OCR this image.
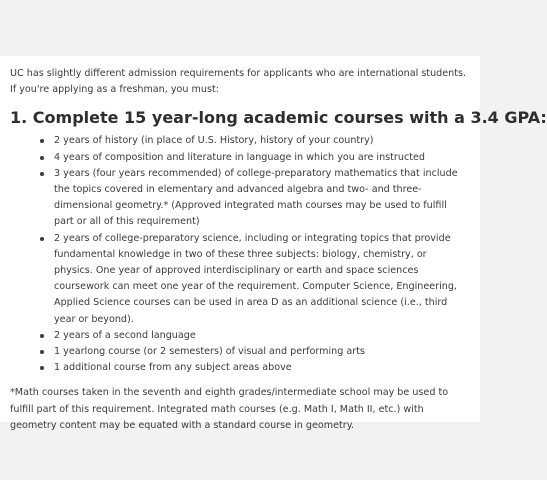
UC has slightly different admission requirements for applicants who are international students. If you're applying as a freshman, you must:

1. Complete 15 year-long academic courses with a 3.4 GPA:
2 years of history (in place of U.S. History, history of your country)
4 years of composition and literature in language in which you are instructed
3 years (four years recommended) of college-preparatory mathematics that include the topics covered in elementary and advanced algebra and two- and three-dimensional geometry.* (Approved integrated math courses may be used to fulfill part or all of this requirement)
2 years of college-preparatory science, including or integrating topics that provide fundamental knowledge in two of these three subjects: biology, chemistry, or physics. One year of approved interdisciplinary or earth and space sciences coursework can meet one year of the requirement. Computer Science, Engineering, Applied Science courses can be used in area D as an additional science (i.e., third year or beyond).
2 years of a second language
1 yearlong course (or 2 semesters) of visual and performing arts
1 additional course from any subject areas above

*Math courses taken in the seventh and eighth grades/intermediate school may be used to fulfill part of this requirement. Integrated math courses (e.g. Math I, Math II, etc.) with geometry content may be equated with a standard course in geometry.
